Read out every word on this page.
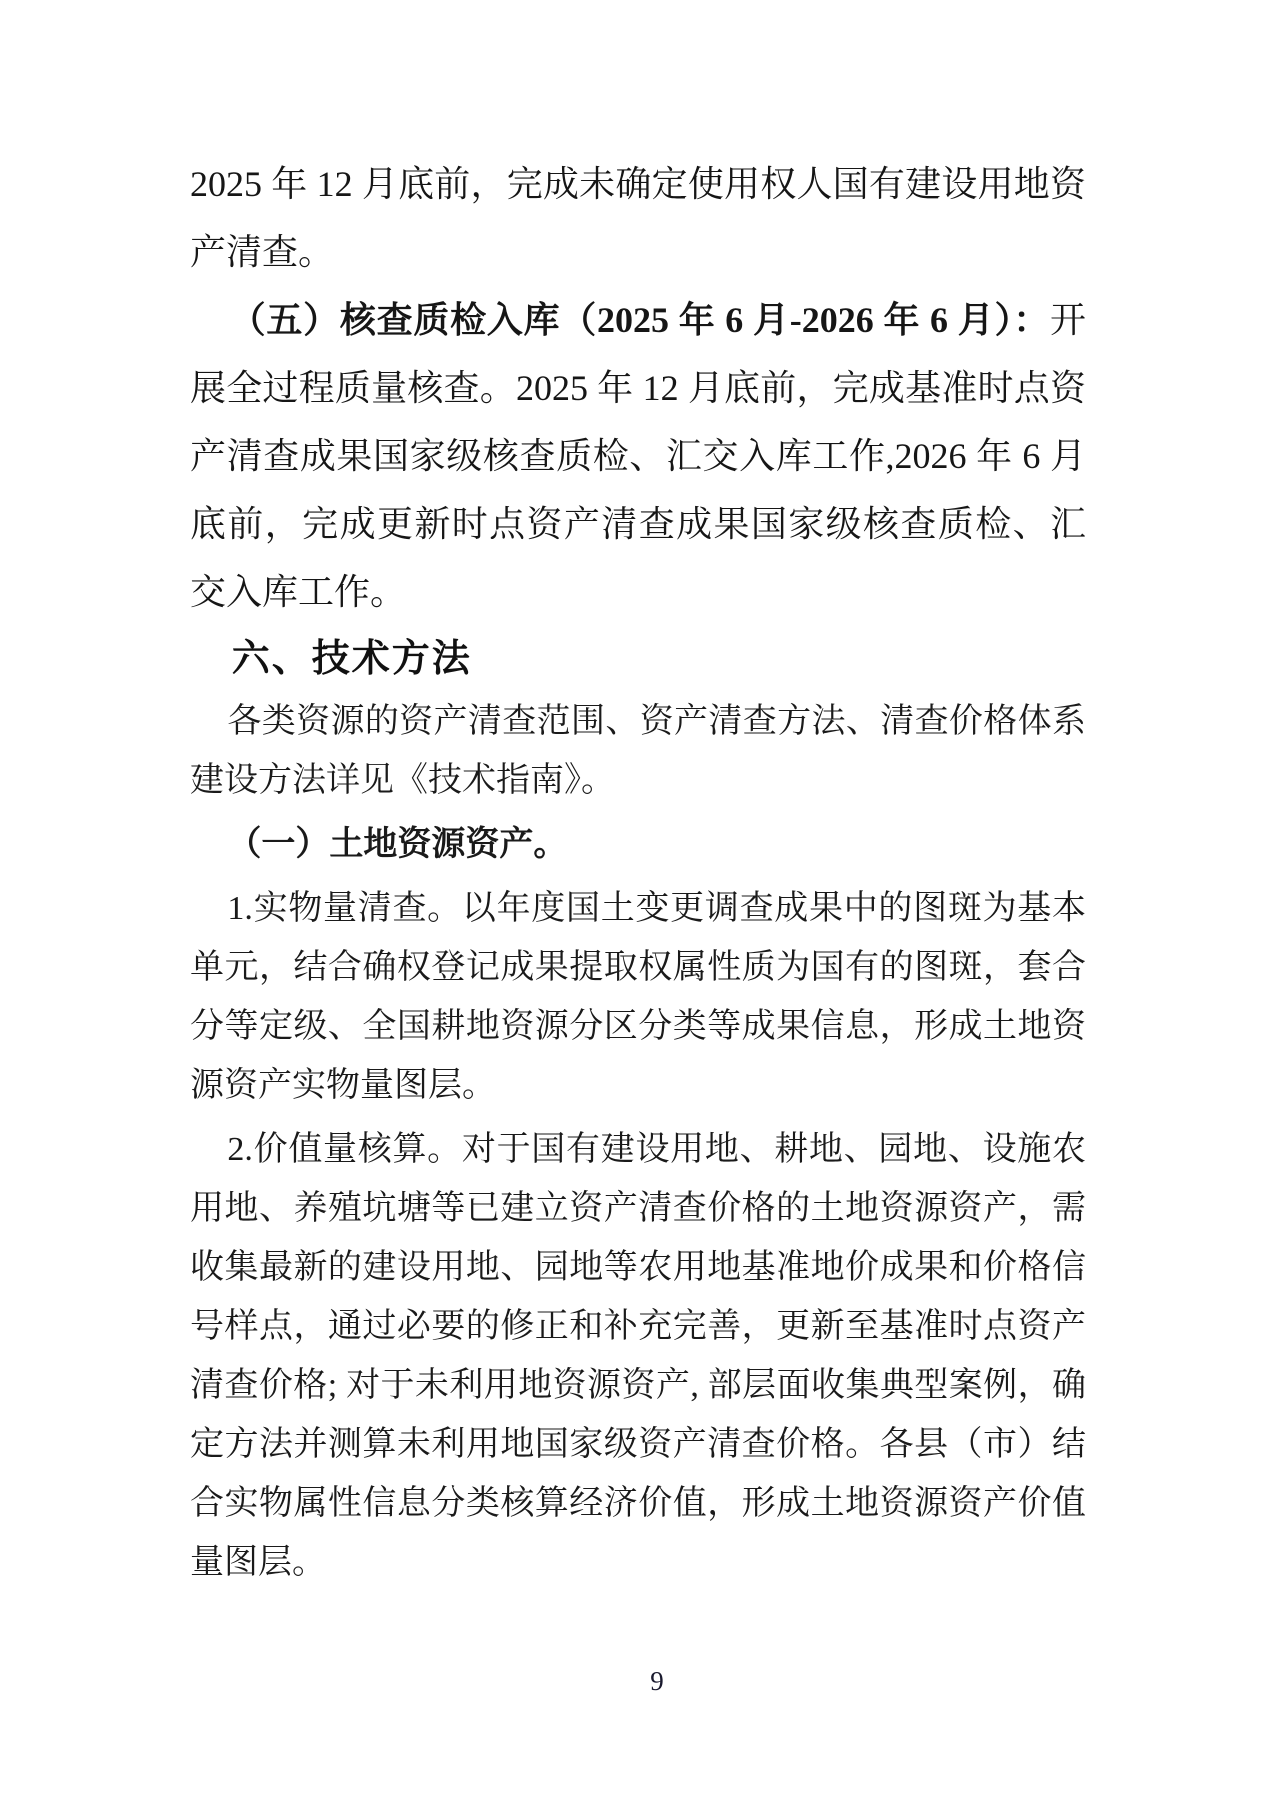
2025 年 12 月底前，完成未确定使用权人国有建设用地资产清查。

（五）核查质检入库（2025 年 6 月-2026 年 6 月）：开展全过程质量核查。2025 年 12 月底前，完成基准时点资产清查成果国家级核查质检、汇交入库工作,2026 年 6 月底前，完成更新时点资产清查成果国家级核查质检、汇交入库工作。

六、技术方法

各类资源的资产清查范围、资产清查方法、清查价格体系建设方法详见《技术指南》。

（一）土地资源资产。

1.实物量清查。以年度国土变更调查成果中的图斑为基本单元，结合确权登记成果提取权属性质为国有的图斑，套合分等定级、全国耕地资源分区分类等成果信息，形成土地资源资产实物量图层。

2.价值量核算。对于国有建设用地、耕地、园地、设施农用地、养殖坑塘等已建立资产清查价格的土地资源资产，需收集最新的建设用地、园地等农用地基准地价成果和价格信号样点，通过必要的修正和补充完善，更新至基准时点资产清查价格; 对于未利用地资源资产, 部层面收集典型案例，确定方法并测算未利用地国家级资产清查价格。各县（市）结合实物属性信息分类核算经济价值，形成土地资源资产价值量图层。

9
